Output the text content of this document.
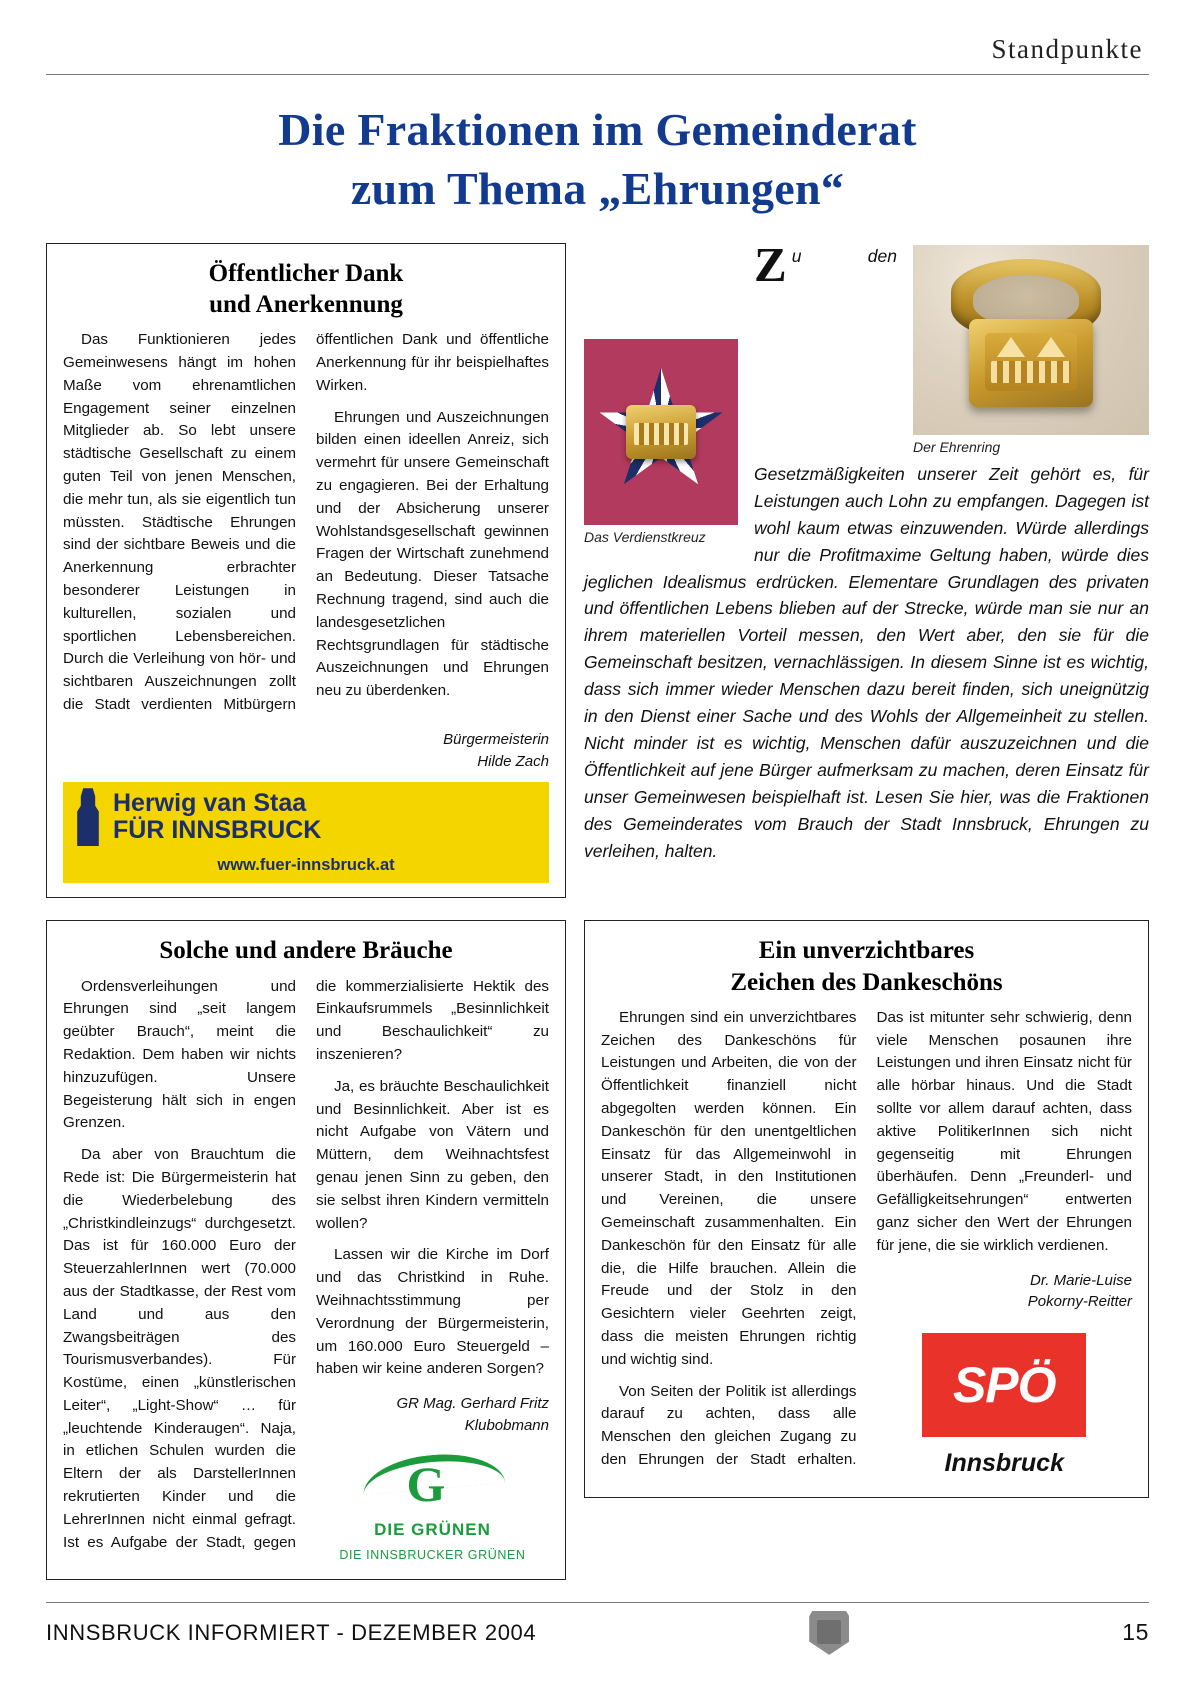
Standpunkte
Die Fraktionen im Gemeinderat
zum Thema „Ehrungen“
Öffentlicher Dank
und Anerkennung

Das Funktionieren jedes Gemeinwesens hängt im hohen Maße vom ehrenamtlichen Engagement seiner einzelnen Mitglieder ab. So lebt unsere städtische Gesellschaft zu einem guten Teil von jenen Menschen, die mehr tun, als sie eigentlich tun müssten. Städtische Ehrungen sind der sichtbare Beweis und die Anerkennung erbrachter besonderer Leistungen in kulturellen, sozialen und sportlichen Lebensbereichen. Durch die Verleihung von hör- und sichtbaren Auszeichnungen zollt die Stadt verdienten Mitbürgern öffentlichen Dank und öffentliche Anerkennung für ihr beispielhaftes Wirken.

Ehrungen und Auszeichnungen bilden einen ideellen Anreiz, sich vermehrt für unsere Gemeinschaft zu engagieren. Bei der Erhaltung und der Absicherung unserer Wohlstandsgesellschaft gewinnen Fragen der Wirtschaft zunehmend an Bedeutung. Dieser Tatsache Rechnung tragend, sind auch die landesgesetzlichen Rechtsgrundlagen für städtische Auszeichnungen und Ehrungen neu zu überdenken.

Bürgermeisterin
Hilde Zach
Herwig van Staa
FÜR INNSBRUCK
www.fuer-innsbruck.at
Der Ehrenring
Das Verdienstkreuz
Zu den Gesetzmäßigkeiten unserer Zeit gehört es, für Leistungen auch Lohn zu empfangen. Dagegen ist wohl kaum etwas einzuwenden. Würde allerdings nur die Profitmaxime Geltung haben, würde dies jeglichen Idealismus erdrücken. Elementare Grundlagen des privaten und öffentlichen Lebens blieben auf der Strecke, würde man sie nur an ihrem materiellen Vorteil messen, den Wert aber, den sie für die Gemeinschaft besitzen, vernachlässigen. In diesem Sinne ist es wichtig, dass sich immer wieder Menschen dazu bereit finden, sich uneignützig in den Dienst einer Sache und des Wohls der Allgemeinheit zu stellen. Nicht minder ist es wichtig, Menschen dafür auszuzeichnen und die Öffentlichkeit auf jene Bürger aufmerksam zu machen, deren Einsatz für unser Gemeinwesen beispielhaft ist. Lesen Sie hier, was die Fraktionen des Gemeinderates vom Brauch der Stadt Innsbruck, Ehrungen zu verleihen, halten.
Solche und andere Bräuche

Ordensverleihungen und Ehrungen sind „seit langem geübter Brauch“, meint die Redaktion. Dem haben wir nichts hinzuzufügen. Unsere Begeisterung hält sich in engen Grenzen.

Da aber von Brauchtum die Rede ist: Die Bürgermeisterin hat die Wiederbelebung des „Christkindleinzugs“ durchgesetzt. Das ist für 160.000 Euro der SteuerzahlerInnen wert (70.000 aus der Stadtkasse, der Rest vom Land und aus den Zwangsbeiträgen des Tourismusverbandes). Für Kostüme, einen „künstlerischen Leiter“, „Light-Show“ … für „leuchtende Kinderaugen“. Naja, in etlichen Schulen wurden die Eltern der als DarstellerInnen rekrutierten Kinder und die LehrerInnen nicht einmal gefragt. Ist es Aufgabe der Stadt, gegen die kommerzialisierte Hektik des Einkaufsrummels „Besinnlichkeit und Beschaulichkeit“ zu inszenieren?

Ja, es bräuchte Beschaulichkeit und Besinnlichkeit. Aber ist es nicht Aufgabe von Vätern und Müttern, dem Weihnachtsfest genau jenen Sinn zu geben, den sie selbst ihren Kindern vermitteln wollen?

Lassen wir die Kirche im Dorf und das Christkind in Ruhe. Weihnachtsstimmung per Verordnung der Bürgermeisterin, um 160.000 Euro Steuergeld – haben wir keine anderen Sorgen?

GR Mag. Gerhard Fritz
Klubobmann
G
DIE GRÜNEN
DIE INNSBRUCKER GRÜNEN
Ein unverzichtbares
Zeichen des Dankeschöns

Ehrungen sind ein unverzichtbares Zeichen des Dankeschöns für Leistungen und Arbeiten, die von der Öffentlichkeit finanziell nicht abgegolten werden können. Ein Dankeschön für den unentgeltlichen Einsatz für das Allgemeinwohl in unserer Stadt, in den Institutionen und Vereinen, die unsere Gemeinschaft zusammenhalten. Ein Dankeschön für den Einsatz für alle die, die Hilfe brauchen. Allein die Freude und der Stolz in den Gesichtern vieler Geehrten zeigt, dass die meisten Ehrungen richtig und wichtig sind.

Von Seiten der Politik ist allerdings darauf zu achten, dass alle Menschen den gleichen Zugang zu den Ehrungen der Stadt erhalten. Das ist mitunter sehr schwierig, denn viele Menschen posaunen ihre Leistungen und ihren Einsatz nicht für alle hörbar hinaus. Und die Stadt sollte vor allem darauf achten, dass aktive PolitikerInnen sich nicht gegenseitig mit Ehrungen überhäufen. Denn „Freunderl- und Gefälligkeitsehrungen“ entwerten ganz sicher den Wert der Ehrungen für jene, die sie wirklich verdienen.

Dr. Marie-Luise
Pokorny-Reitter
SPÖ
Innsbruck
INNSBRUCK INFORMIERT - DEZEMBER 2004	15
